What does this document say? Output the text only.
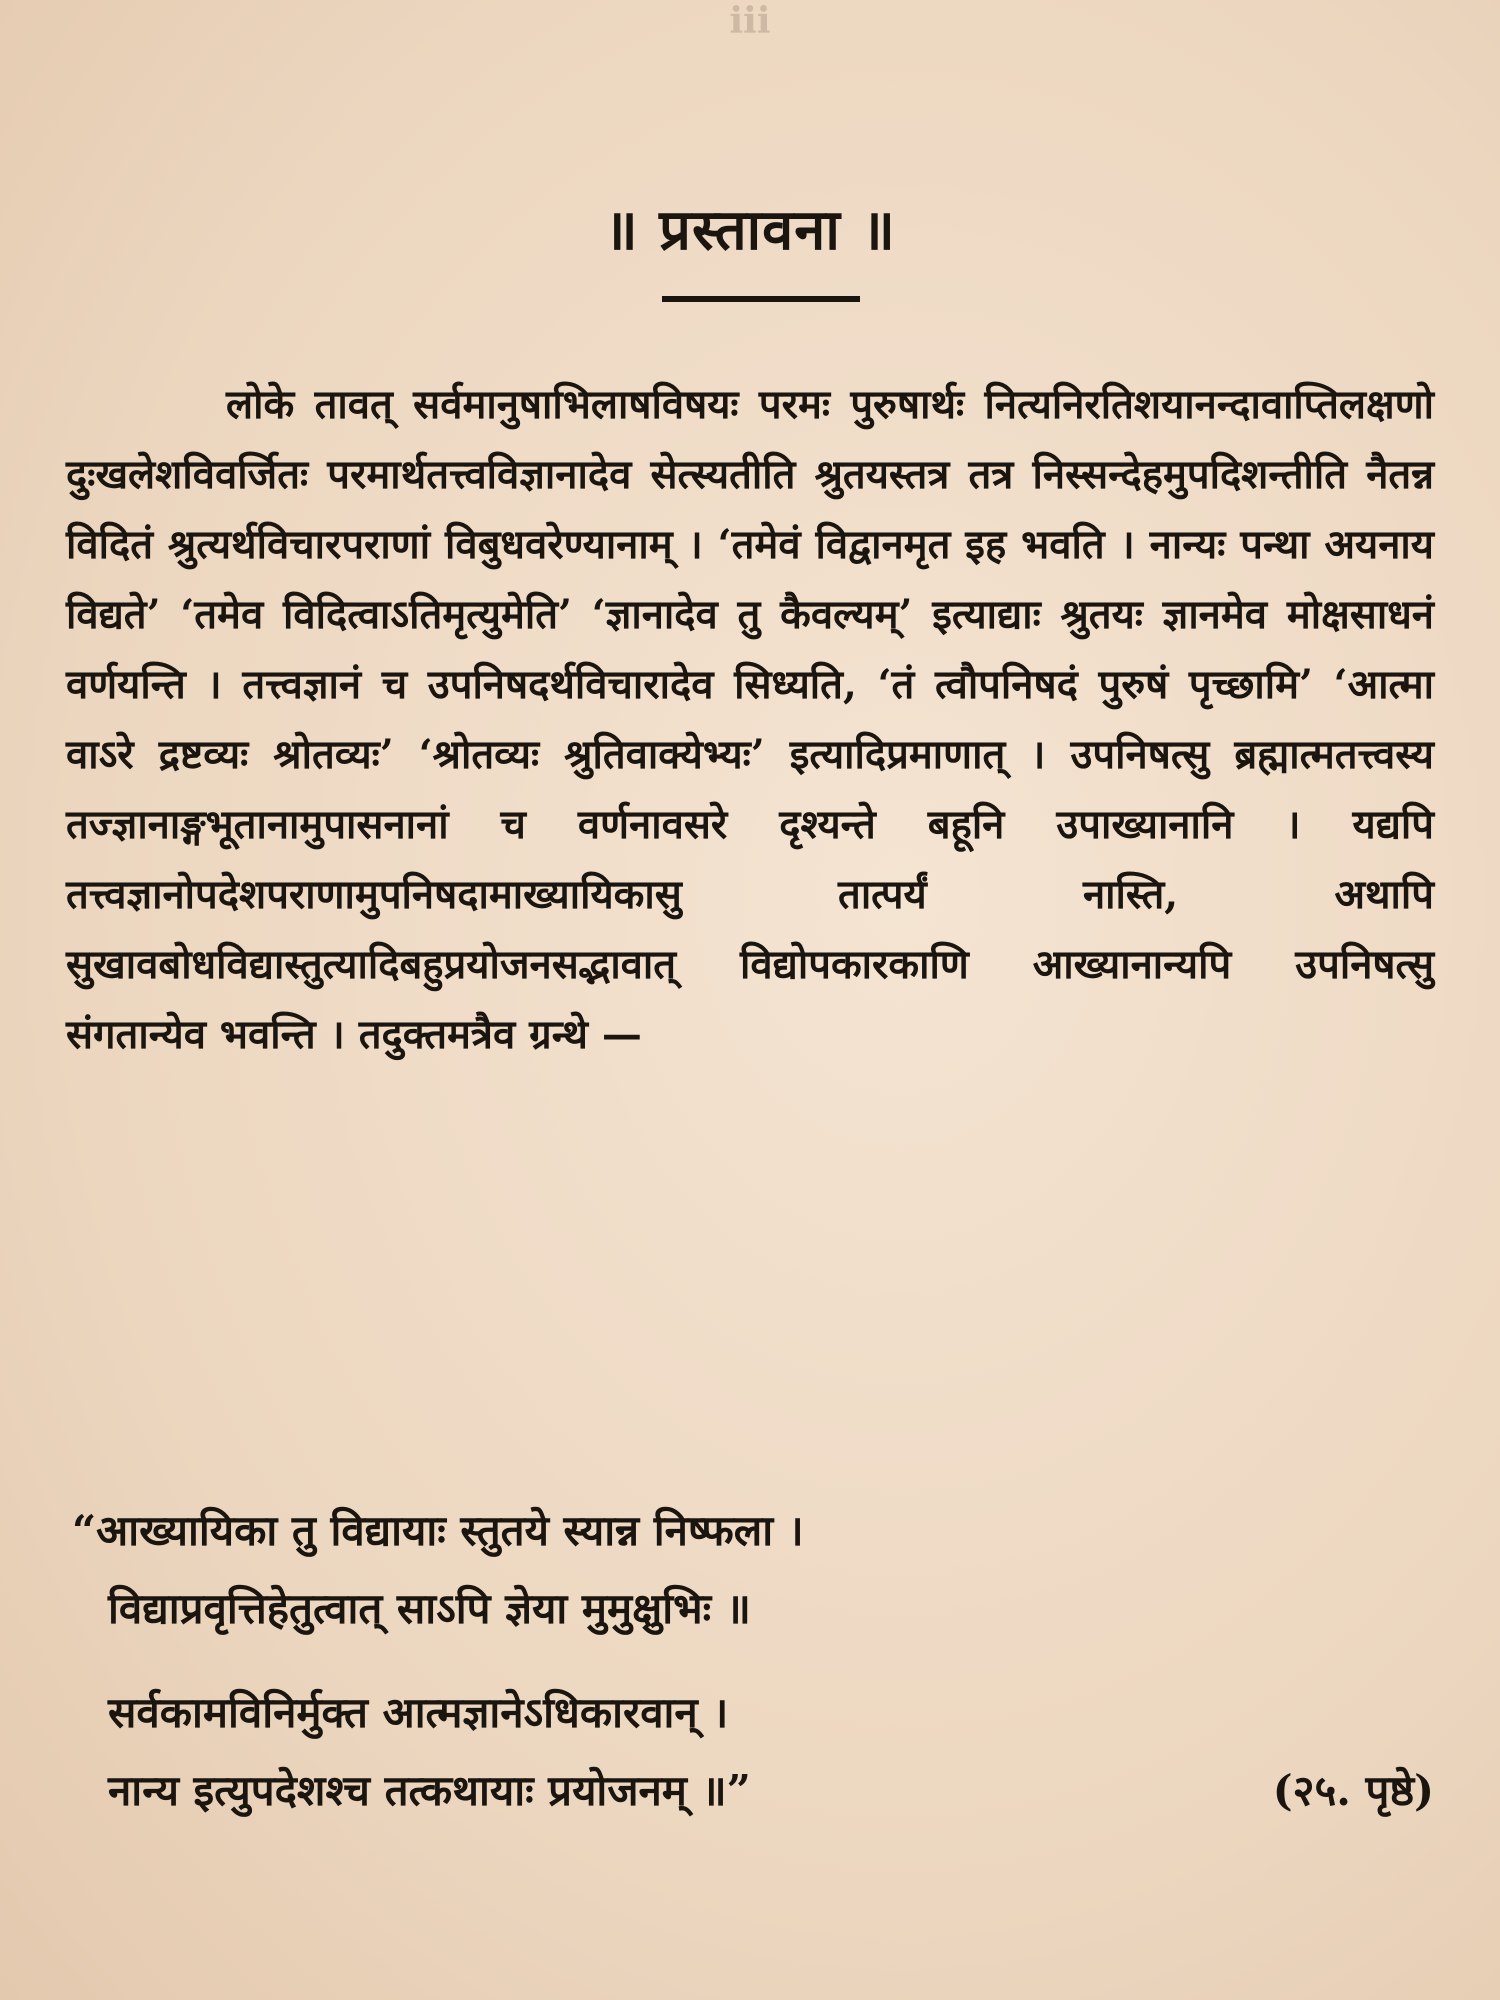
iii
॥ प्रस्तावना ॥

लोके तावत् सर्वमानुषाभिलाषविषयः परमः पुरुषार्थः नित्यनिरतिशयानन्दावाप्तिलक्षणो दुःखलेशविवर्जितः परमार्थतत्त्वविज्ञानादेव सेत्स्यतीति श्रुतयस्तत्र तत्र निस्सन्देहमुपदिशन्तीति नैतन्न विदितं श्रुत्यर्थविचारपराणां विबुधवरेण्यानाम् । ‘तमेवं विद्वानमृत इह भवति । नान्यः पन्था अयनाय विद्यते’ ‘तमेव विदित्वाऽतिमृत्युमेति’ ‘ज्ञानादेव तु कैवल्यम्’ इत्याद्याः श्रुतयः ज्ञानमेव मोक्षसाधनं वर्णयन्ति । तत्त्वज्ञानं च उपनिषदर्थविचारादेव सिध्यति, ‘तं त्वौपनिषदं पुरुषं पृच्छामि’ ‘आत्मा वाऽरे द्रष्टव्यः श्रोतव्यः’ ‘श्रोतव्यः श्रुतिवाक्येभ्यः’ इत्यादिप्रमाणात् । उपनिषत्सु ब्रह्मात्मतत्त्वस्य तज्ज्ञानाङ्गभूतानामुपासनानां च वर्णनावसरे दृश्यन्ते बहूनि उपाख्यानानि । यद्यपि तत्त्वज्ञानोपदेशपराणामुपनिषदामाख्यायिकासु तात्पर्यं नास्ति, अथापि सुखावबोधविद्यास्तुत्यादिबहुप्रयोजनसद्भावात् विद्योपकारकाणि आख्यानान्यपि उपनिषत्सु संगतान्येव भवन्ति । तदुक्तमत्रैव ग्रन्थे —

“आख्यायिका तु विद्यायाः स्तुतये स्यान्न निष्फला ।
विद्याप्रवृत्तिहेतुत्वात् साऽपि ज्ञेया मुमुक्षुभिः ॥
सर्वकामविनिर्मुक्त आत्मज्ञानेऽधिकारवान् ।
नान्य इत्युपदेशश्च तत्कथायाः प्रयोजनम् ॥”	(२५. पृष्ठे)
